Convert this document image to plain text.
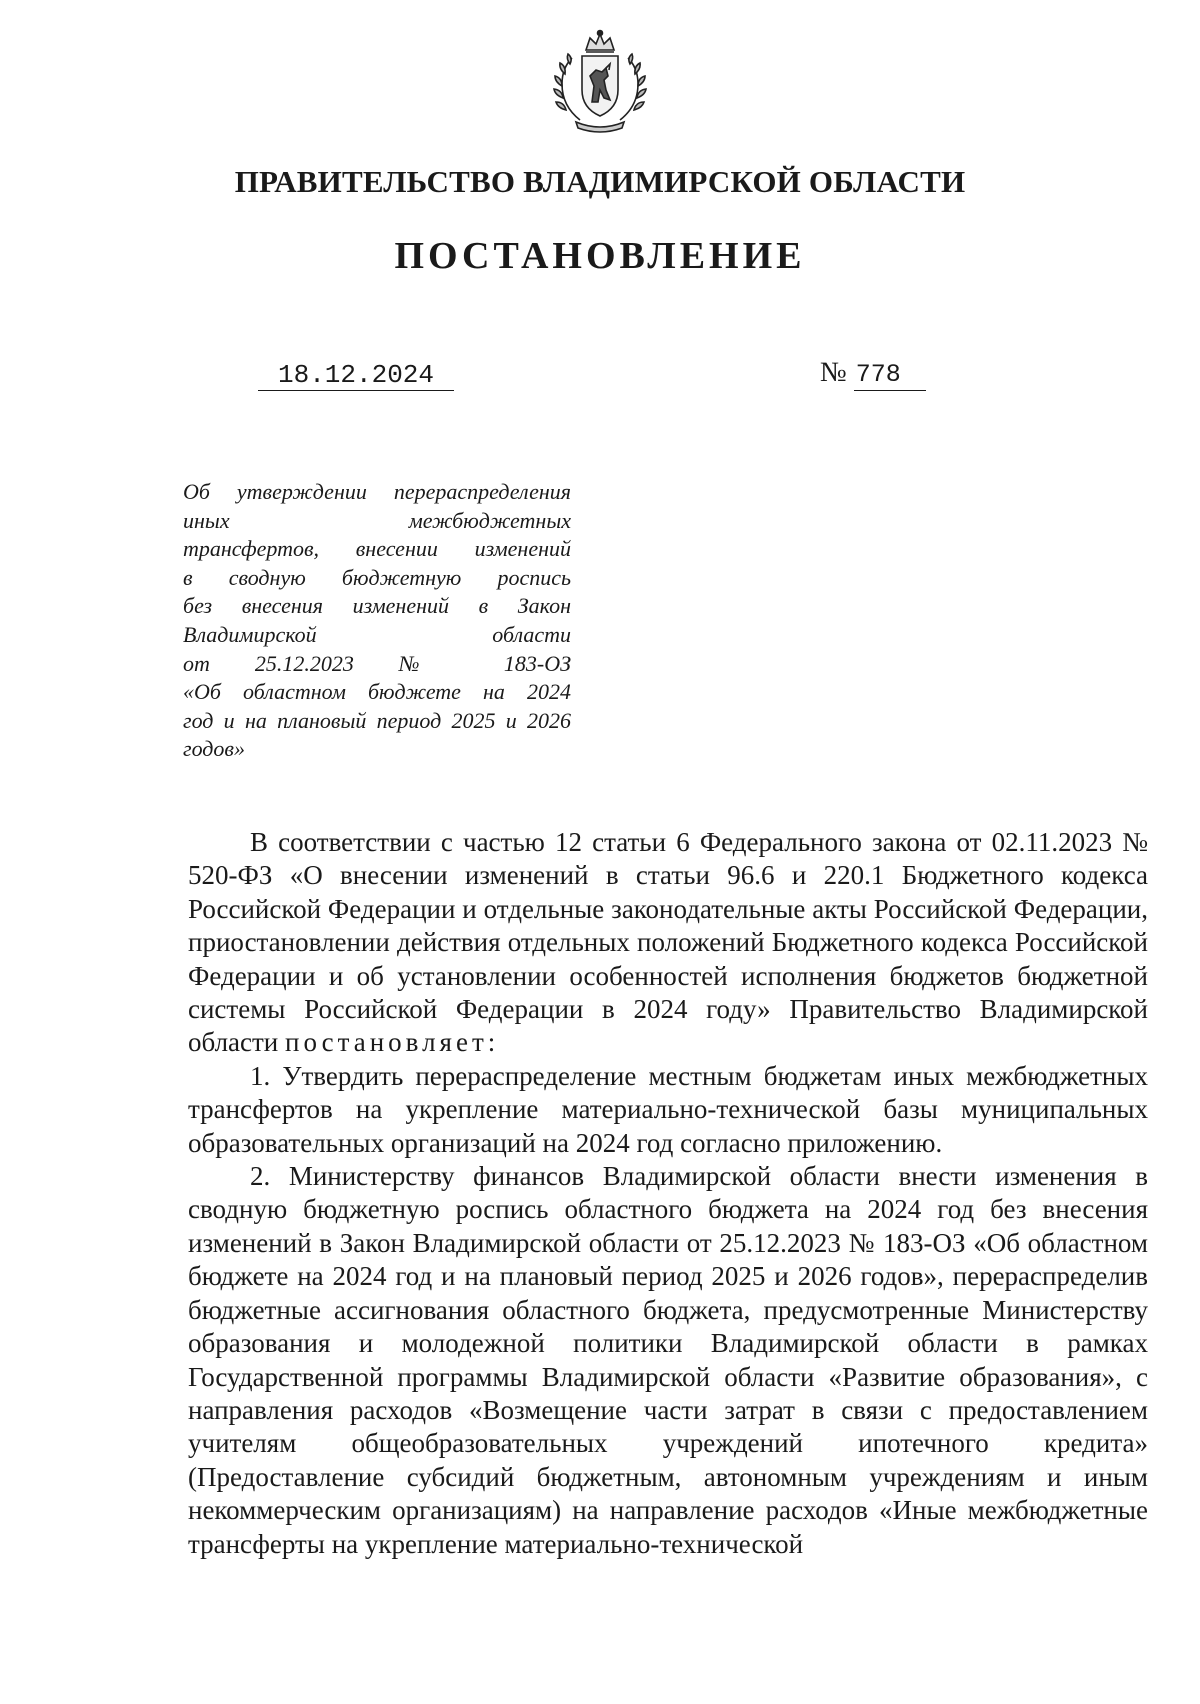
ПРАВИТЕЛЬСТВО ВЛАДИМИРСКОЙ ОБЛАСТИ
ПОСТАНОВЛЕНИЕ
18.12.2024	№ 778
Об утверждении перераспределения
иных межбюджетных
трансфертов, внесении изменений
в сводную бюджетную роспись
без внесения изменений в Закон
Владимирской области
от 25.12.2023 № 183-ОЗ
«Об областном бюджете на 2024
год и на плановый период 2025 и 2026
годов»

В соответствии с частью 12 статьи 6 Федерального закона от 02.11.2023 № 520-ФЗ «О внесении изменений в статьи 96.6 и 220.1 Бюджетного кодекса Российской Федерации и отдельные законодательные акты Российской Федерации, приостановлении действия отдельных положений Бюджетного кодекса Российской Федерации и об установлении особенностей исполнения бюджетов бюджетной системы Российской Федерации в 2024 году» Правительство Владимирской области постановляет:

1. Утвердить перераспределение местным бюджетам иных межбюджетных трансфертов на укрепление материально-технической базы муниципальных образовательных организаций на 2024 год согласно приложению.

2. Министерству финансов Владимирской области внести изменения в сводную бюджетную роспись областного бюджета на 2024 год без внесения изменений в Закон Владимирской области от 25.12.2023 № 183-ОЗ «Об областном бюджете на 2024 год и на плановый период 2025 и 2026 годов», перераспределив бюджетные ассигнования областного бюджета, предусмотренные Министерству образования и молодежной политики Владимирской области в рамках Государственной программы Владимирской области «Развитие образования», с направления расходов «Возмещение части затрат в связи с предоставлением учителям общеобразовательных учреждений ипотечного кредита» (Предоставление субсидий бюджетным, автономным учреждениям и иным некоммерческим организациям) на направление расходов «Иные межбюджетные трансферты на укрепление материально-технической
